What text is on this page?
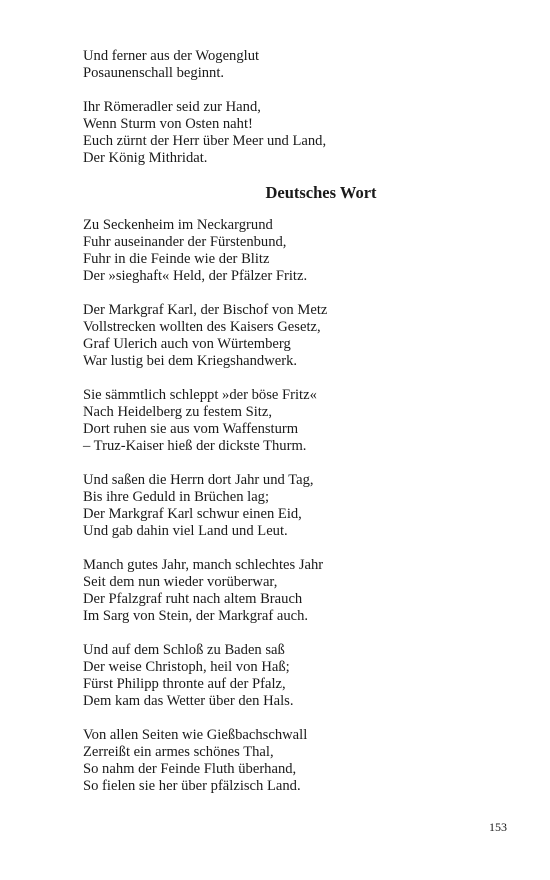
Und ferner aus der Wogenglut
Posaunenschall beginnt.
Ihr Römeradler seid zur Hand,
Wenn Sturm von Osten naht!
Euch zürnt der Herr über Meer und Land,
Der König Mithridat.
Deutsches Wort
Zu Seckenheim im Neckargrund
Fuhr auseinander der Fürstenbund,
Fuhr in die Feinde wie der Blitz
Der »sieghaft« Held, der Pfälzer Fritz.
Der Markgraf Karl, der Bischof von Metz
Vollstrecken wollten des Kaisers Gesetz,
Graf Ulerich auch von Würtemberg
War lustig bei dem Kriegshandwerk.
Sie sämmtlich schleppt »der böse Fritz«
Nach Heidelberg zu festem Sitz,
Dort ruhen sie aus vom Waffensturm
– Truz-Kaiser hieß der dickste Thurm.
Und saßen die Herrn dort Jahr und Tag,
Bis ihre Geduld in Brüchen lag;
Der Markgraf Karl schwur einen Eid,
Und gab dahin viel Land und Leut.
Manch gutes Jahr, manch schlechtes Jahr
Seit dem nun wieder vorüberwar,
Der Pfalzgraf ruht nach altem Brauch
Im Sarg von Stein, der Markgraf auch.
Und auf dem Schloß zu Baden saß
Der weise Christoph, heil von Haß;
Fürst Philipp thronte auf der Pfalz,
Dem kam das Wetter über den Hals.
Von allen Seiten wie Gießbachschwall
Zerreißt ein armes schönes Thal,
So nahm der Feinde Fluth überhand,
So fielen sie her über pfälzisch Land.
153
